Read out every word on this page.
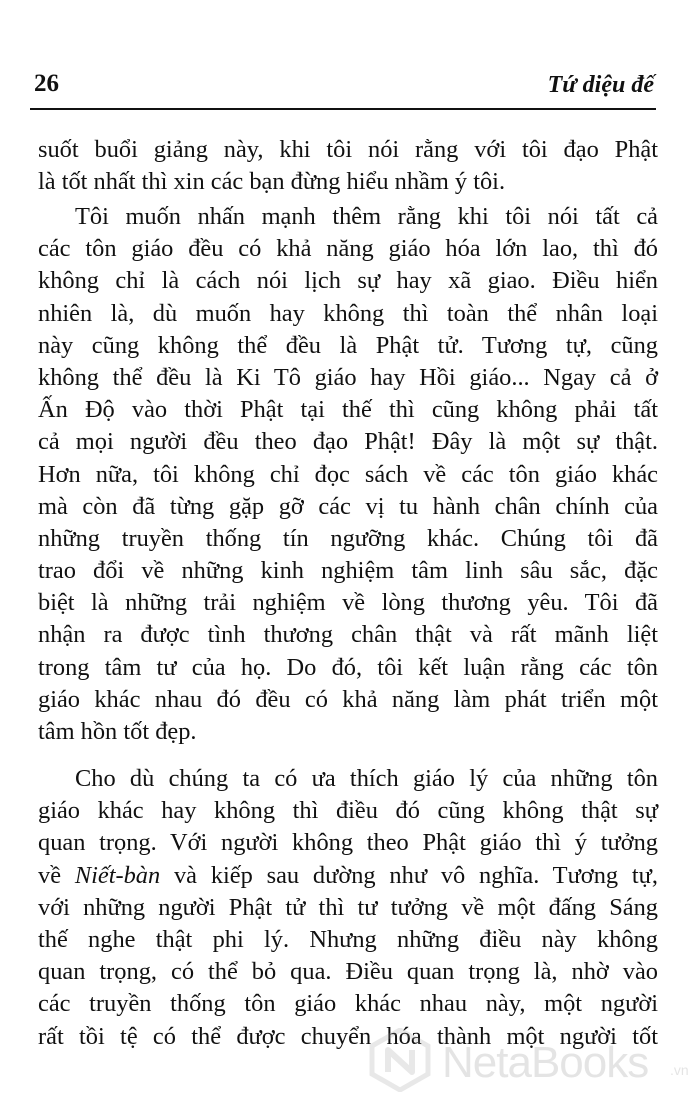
26	Tứ diệu đế
suốt buổi giảng này, khi tôi nói rằng với tôi đạo Phật
là tốt nhất thì xin các bạn đừng hiểu nhầm ý tôi.
Tôi muốn nhấn mạnh thêm rằng khi tôi nói tất cả
các tôn giáo đều có khả năng giáo hóa lớn lao, thì đó
không chỉ là cách nói lịch sự hay xã giao. Điều hiển
nhiên là, dù muốn hay không thì toàn thể nhân loại
này cũng không thể đều là Phật tử. Tương tự, cũng
không thể đều là Ki Tô giáo hay Hồi giáo... Ngay cả ở
Ấn Độ vào thời Phật tại thế thì cũng không phải tất
cả mọi người đều theo đạo Phật! Đây là một sự thật.
Hơn nữa, tôi không chỉ đọc sách về các tôn giáo khác
mà còn đã từng gặp gỡ các vị tu hành chân chính của
những truyền thống tín ngưỡng khác. Chúng tôi đã
trao đổi về những kinh nghiệm tâm linh sâu sắc, đặc
biệt là những trải nghiệm về lòng thương yêu. Tôi đã
nhận ra được tình thương chân thật và rất mãnh liệt
trong tâm tư của họ. Do đó, tôi kết luận rằng các tôn
giáo khác nhau đó đều có khả năng làm phát triển một
tâm hồn tốt đẹp.
Cho dù chúng ta có ưa thích giáo lý của những tôn
giáo khác hay không thì điều đó cũng không thật sự
quan trọng. Với người không theo Phật giáo thì ý tưởng
về Niết-bàn và kiếp sau dường như vô nghĩa. Tương tự,
với những người Phật tử thì tư tưởng về một đấng Sáng
thế nghe thật phi lý. Nhưng những điều này không
quan trọng, có thể bỏ qua. Điều quan trọng là, nhờ vào
các truyền thống tôn giáo khác nhau này, một người
rất tồi tệ có thể được chuyển hóa thành một người tốt
NetaBooks .vn
